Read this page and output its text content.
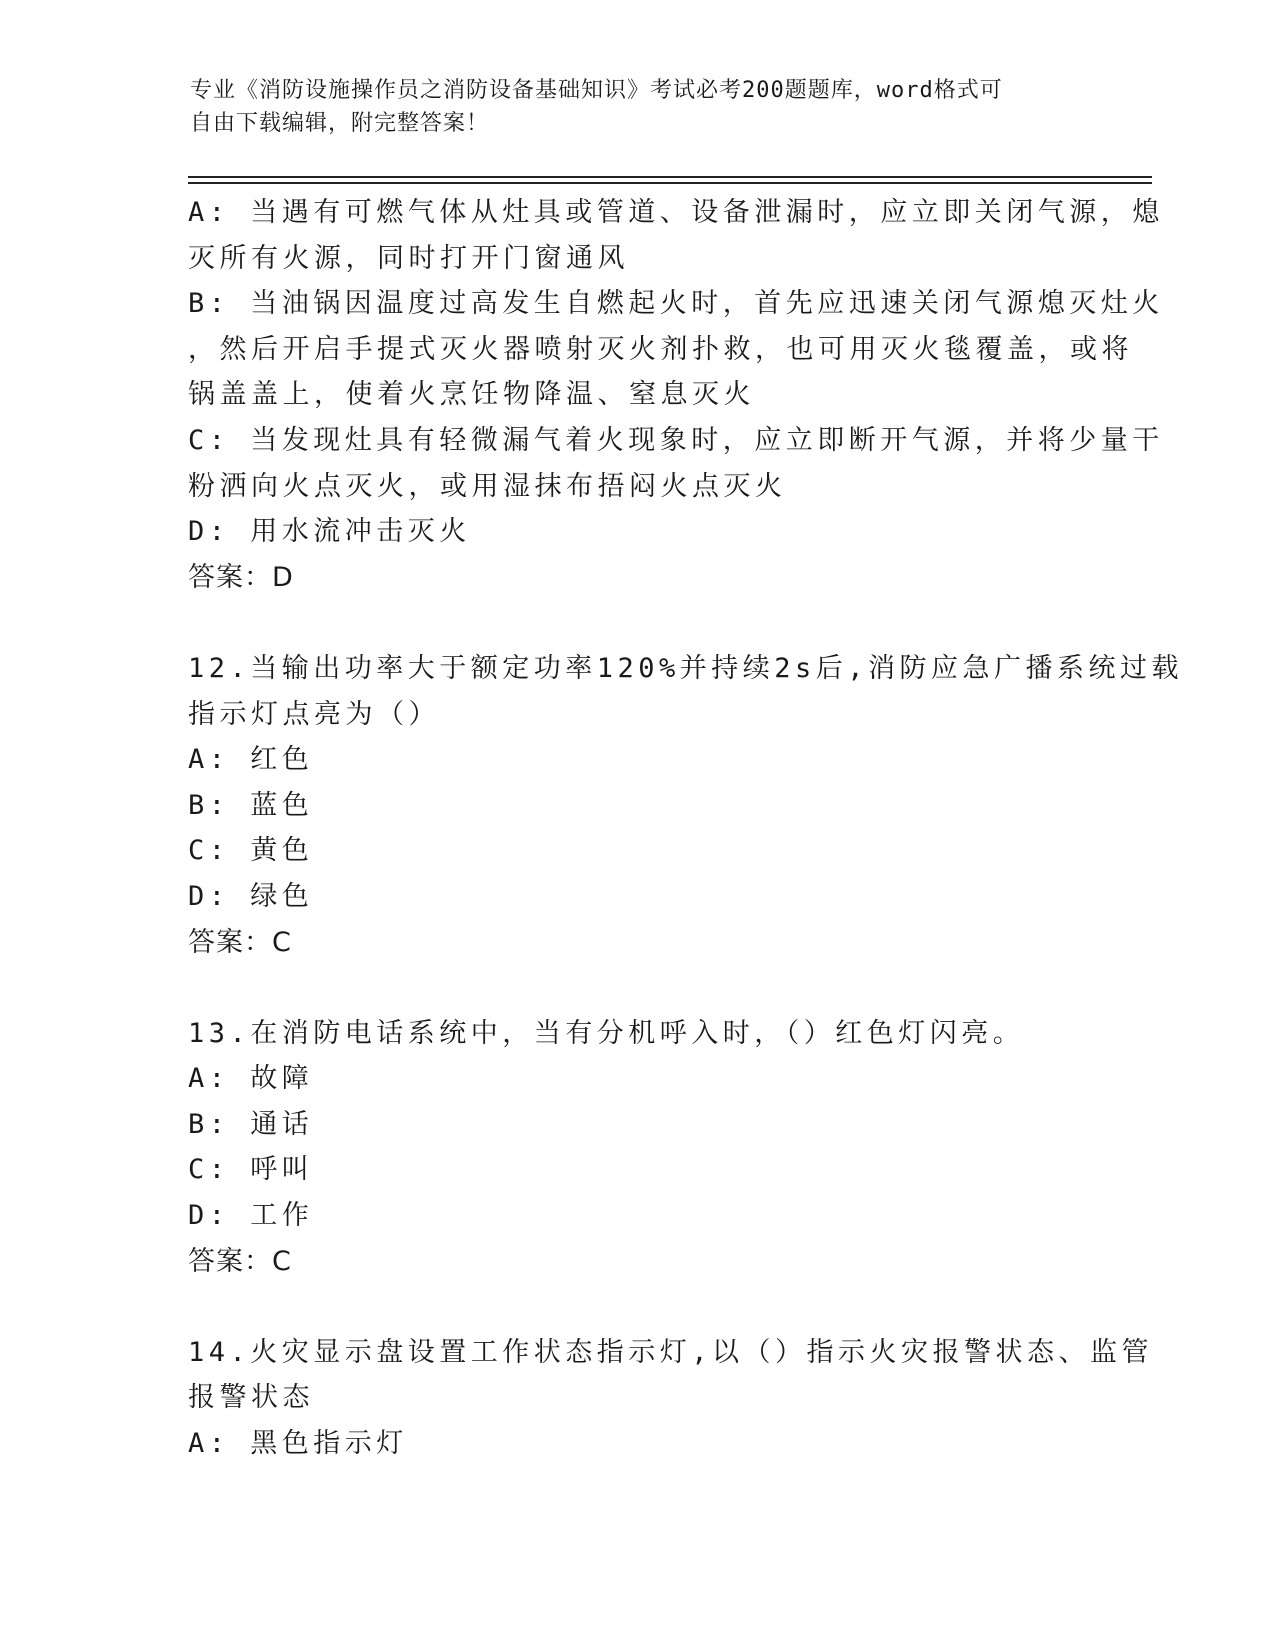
专业《消防设施操作员之消防设备基础知识》考试必考200题题库，word格式可
自由下载编辑，附完整答案！
A: 当遇有可燃气体从灶具或管道、设备泄漏时，应立即关闭气源，熄
灭所有火源，同时打开门窗通风
B: 当油锅因温度过高发生自燃起火时，首先应迅速关闭气源熄灭灶火
，然后开启手提式灭火器喷射灭火剂扑救，也可用灭火毯覆盖，或将
锅盖盖上，使着火烹饪物降温、窒息灭火
C: 当发现灶具有轻微漏气着火现象时，应立即断开气源，并将少量干
粉洒向火点灭火，或用湿抹布捂闷火点灭火
D: 用水流冲击灭火
答案：D
12.当输出功率大于额定功率120%并持续2s后,消防应急广播系统过载
指示灯点亮为（）
A: 红色
B: 蓝色
C: 黄色
D: 绿色
答案：C
13.在消防电话系统中，当有分机呼入时，（）红色灯闪亮。
A: 故障
B: 通话
C: 呼叫
D: 工作
答案：C
14.火灾显示盘设置工作状态指示灯,以（）指示火灾报警状态、监管
报警状态
A: 黑色指示灯
